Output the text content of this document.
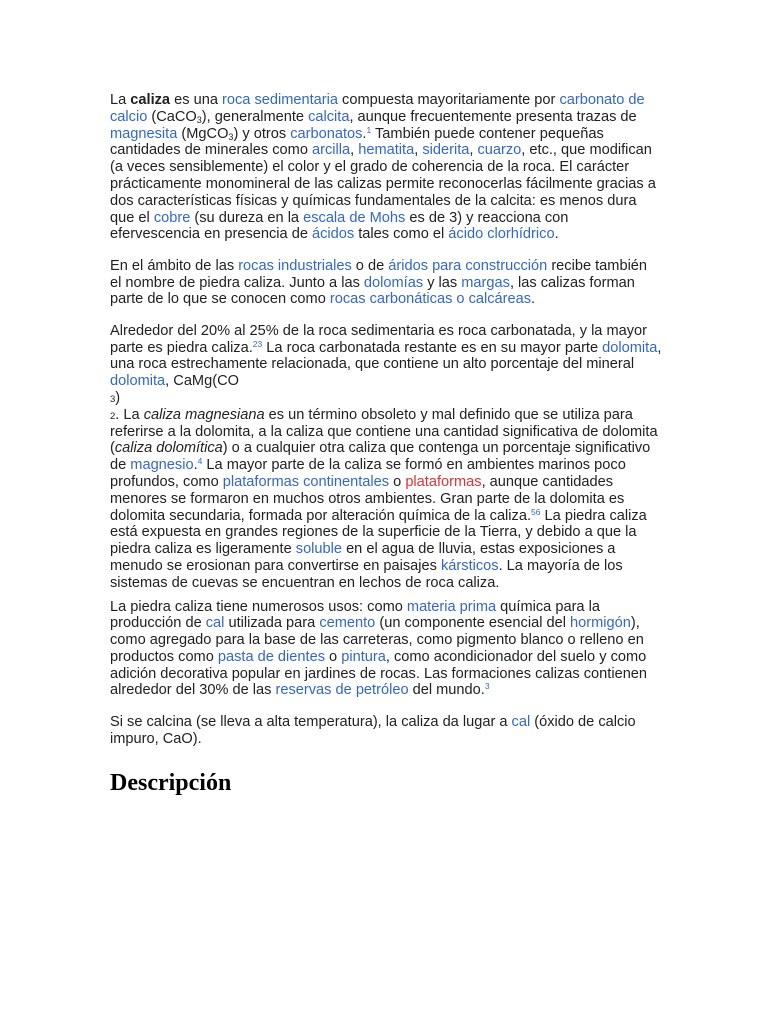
La caliza es una roca sedimentaria compuesta mayoritariamente por carbonato de calcio (CaCO$_3$), generalmente calcita, aunque frecuentemente presenta trazas de magnesita (MgCO$_3$) y otros carbonatos.$^1$ También puede contener pequeñas cantidades de minerales como arcilla, hematita, siderita, cuarzo, etc., que modifican (a veces sensiblemente) el color y el grado de coherencia de la roca. El carácter prácticamente monomineral de las calizas permite reconocerlas fácilmente gracias a dos características físicas y químicas fundamentales de la calcita: es menos dura que el cobre (su dureza en la escala de Mohs es de 3) y reacciona con efervescencia en presencia de ácidos tales como el ácido clorhídrico.

En el ámbito de las rocas industriales o de áridos para construcción recibe también el nombre de piedra caliza. Junto a las dolomías y las margas, las calizas forman parte de lo que se conocen como rocas carbonáticas o calcáreas.

Alrededor del 20% al 25% de la roca sedimentaria es roca carbonatada, y la mayor parte es piedra caliza.$^{23}$ La roca carbonatada restante es en su mayor parte dolomita, una roca estrechamente relacionada, que contiene un alto porcentaje del mineral dolomita, CaMg(CO
3)
2. La caliza magnesiana es un término obsoleto y mal definido que se utiliza para referirse a la dolomita, a la caliza que contiene una cantidad significativa de dolomita (caliza dolomítica) o a cualquier otra caliza que contenga un porcentaje significativo de magnesio.$^4$ La mayor parte de la caliza se formó en ambientes marinos poco profundos, como plataformas continentales o plataformas, aunque cantidades menores se formaron en muchos otros ambientes. Gran parte de la dolomita es dolomita secundaria, formada por alteración química de la caliza.$^{56}$ La piedra caliza está expuesta en grandes regiones de la superficie de la Tierra, y debido a que la piedra caliza es ligeramente soluble en el agua de lluvia, estas exposiciones a menudo se erosionan para convertirse en paisajes kársticos. La mayoría de los sistemas de cuevas se encuentran en lechos de roca caliza.

La piedra caliza tiene numerosos usos: como materia prima química para la producción de cal utilizada para cemento (un componente esencial del hormigón), como agregado para la base de las carreteras, como pigmento blanco o relleno en productos como pasta de dientes o pintura, como acondicionador del suelo y como adición decorativa popular en jardines de rocas. Las formaciones calizas contienen alrededor del 30% de las reservas de petróleo del mundo.$^3$

Si se calcina (se lleva a alta temperatura), la caliza da lugar a cal (óxido de calcio impuro, CaO).

Descripción
